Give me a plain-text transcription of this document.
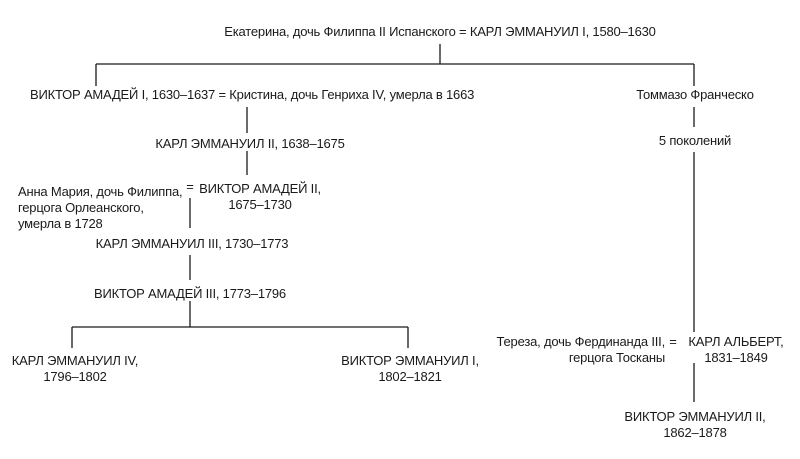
Екатерина, дочь Филиппа II Испанского = КАРЛ ЭММАНУИЛ I, 1580–1630
ВИКТОР АМАДЕЙ I, 1630–1637 = Кристина, дочь Генриха IV, умерла в 1663	Томмазо Франческо
5 поколений
КАРЛ ЭММАНУИЛ II, 1638–1675
Анна Мария, дочь Филиппа,
герцога Орлеанского,
умерла в 1728
= ВИКТОР АМАДЕЙ II,
1675–1730
КАРЛ ЭММАНУИЛ III, 1730–1773
ВИКТОР АМАДЕЙ III, 1773–1796
КАРЛ ЭММАНУИЛ IV,
1796–1802
ВИКТОР ЭММАНУИЛ I,
1802–1821
Тереза, дочь Фердинанда III,
герцога Тосканы
= КАРЛ АЛЬБЕРТ,
1831–1849
ВИКТОР ЭММАНУИЛ II,
1862–1878
